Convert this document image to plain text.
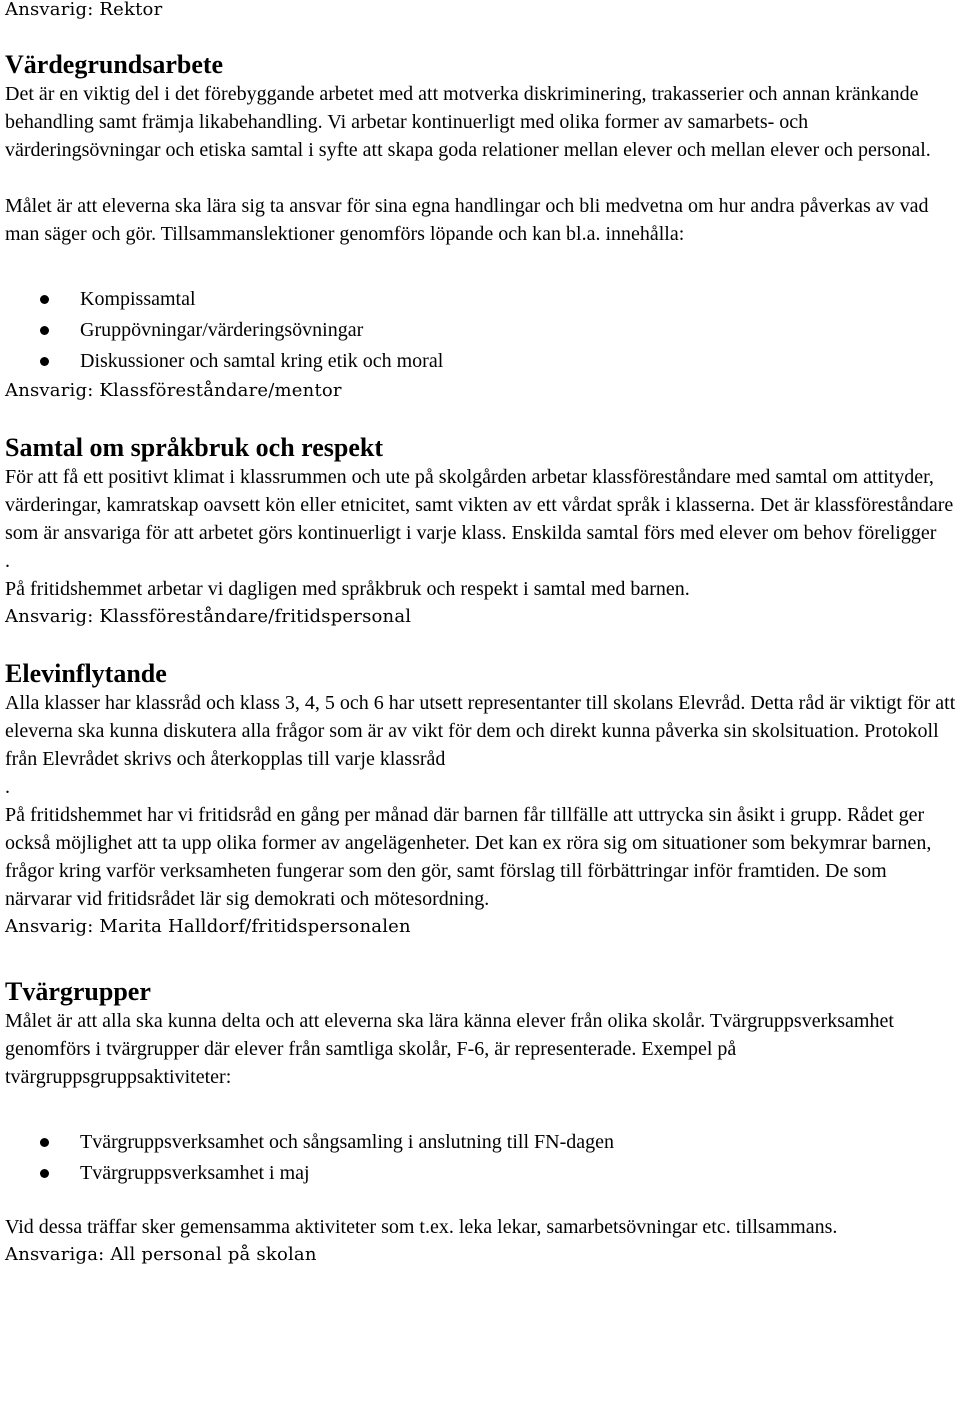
Ansvarig: Rektor

Värdegrundsarbete

Det är en viktig del i det förebyggande arbetet med att motverka diskriminering, trakasserier och annan kränkande behandling samt främja likabehandling. Vi arbetar kontinuerligt med olika former av samarbets- och värderingsövningar och etiska samtal i syfte att skapa goda relationer mellan elever och mellan elever och personal.

Målet är att eleverna ska lära sig ta ansvar för sina egna handlingar och bli medvetna om hur andra påverkas av vad man säger och gör. Tillsammanslektioner genomförs löpande och kan bl.a. innehålla:

Kompissamtal
Gruppövningar/värderingsövningar
Diskussioner och samtal kring etik och moral

Ansvarig: Klassföreståndare/mentor

Samtal om språkbruk och respekt

För att få ett positivt klimat i klassrummen och ute på skolgården arbetar klassföreståndare med samtal om attityder, värderingar, kamratskap oavsett kön eller etnicitet, samt vikten av ett vårdat språk i klasserna. Det är klassföreståndare som är ansvariga för att arbetet görs kontinuerligt i varje klass. Enskilda samtal förs med elever om behov föreligger

.

På fritidshemmet arbetar vi dagligen med språkbruk och respekt i samtal med barnen.

Ansvarig: Klassföreståndare/fritidspersonal

Elevinflytande

Alla klasser har klassråd och klass 3, 4, 5 och 6 har utsett representanter till skolans Elevråd. Detta råd är viktigt för att eleverna ska kunna diskutera alla frågor som är av vikt för dem och direkt kunna påverka sin skolsituation. Protokoll från Elevrådet skrivs och återkopplas till varje klassråd

.

På fritidshemmet har vi fritidsråd en gång per månad där barnen får tillfälle att uttrycka sin åsikt i grupp. Rådet ger också möjlighet att ta upp olika former av angelägenheter. Det kan ex röra sig om situationer som bekymrar barnen, frågor kring varför verksamheten fungerar som den gör, samt förslag till förbättringar inför framtiden. De som närvarar vid fritidsrådet lär sig demokrati och mötesordning.

Ansvarig: Marita Halldorf/fritidspersonalen

Tvärgrupper

Målet är att alla ska kunna delta och att eleverna ska lära känna elever från olika skolår. Tvärgruppsverksamhet genomförs i tvärgrupper där elever från samtliga skolår, F-6, är representerade. Exempel på tvärgruppsgruppsaktiviteter:

Tvärgruppsverksamhet och sångsamling i anslutning till FN-dagen
Tvärgruppsverksamhet i maj

Vid dessa träffar sker gemensamma aktiviteter som t.ex. leka lekar, samarbetsövningar etc. tillsammans.

Ansvariga: All personal på skolan
